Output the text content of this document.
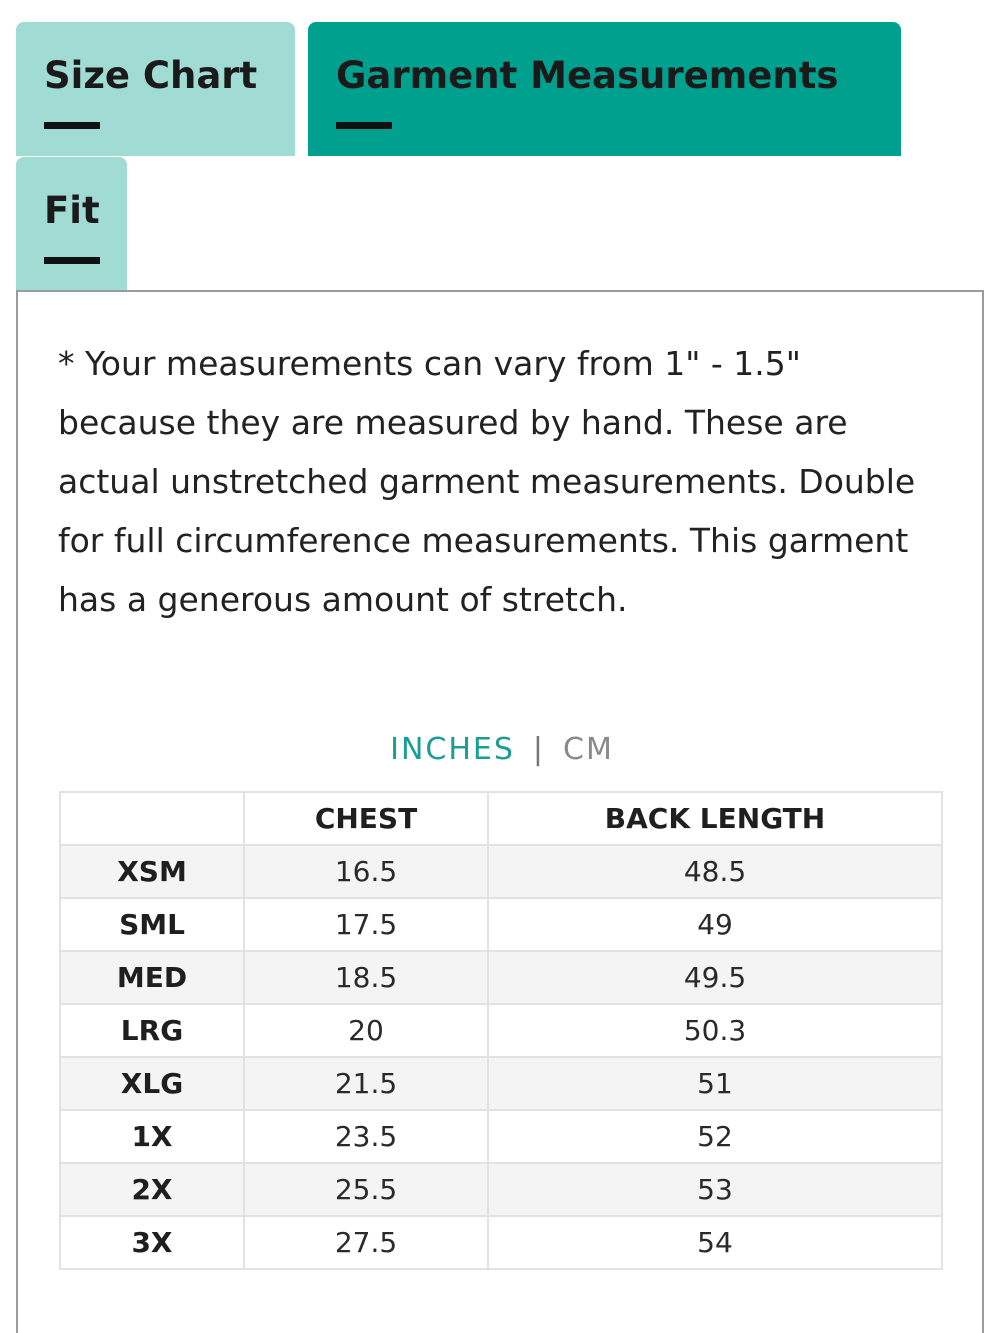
Size Chart	Garment Measurements
Fit

* Your measurements can vary from 1" - 1.5" because they are measured by hand. These are actual unstretched garment measurements. Double for full circumference measurements. This garment has a generous amount of stretch.

INCHES | CM
	CHEST	BACK LENGTH
XSM	16.5	48.5
SML	17.5	49
MED	18.5	49.5
LRG	20	50.3
XLG	21.5	51
1X	23.5	52
2X	25.5	53
3X	27.5	54
